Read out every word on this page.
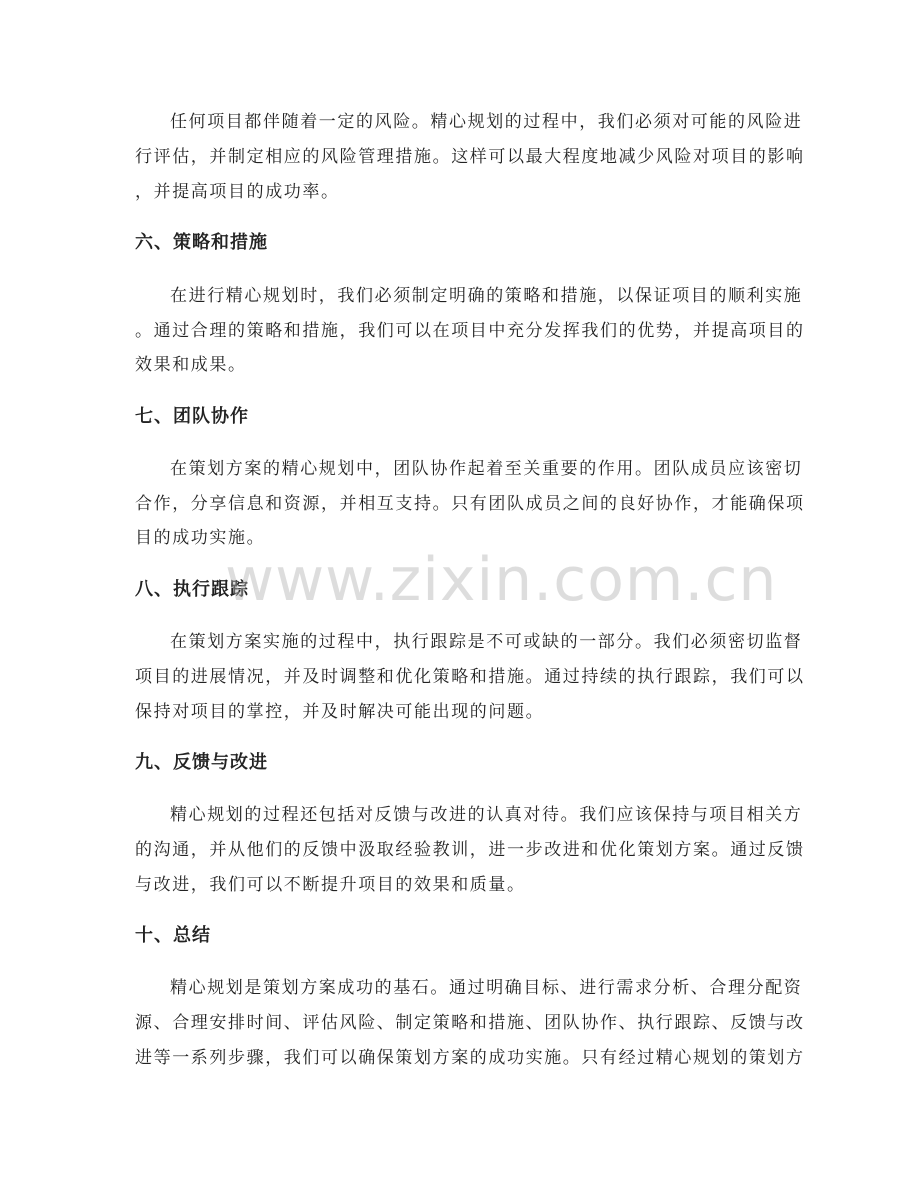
任何项目都伴随着一定的风险。精心规划的过程中，我们必须对可能的风险进
行评估，并制定相应的风险管理措施。这样可以最大程度地减少风险对项目的影响
，并提高项目的成功率。
六、策略和措施
在进行精心规划时，我们必须制定明确的策略和措施，以保证项目的顺利实施
。通过合理的策略和措施，我们可以在项目中充分发挥我们的优势，并提高项目的
效果和成果。
七、团队协作
在策划方案的精心规划中，团队协作起着至关重要的作用。团队成员应该密切
合作，分享信息和资源，并相互支持。只有团队成员之间的良好协作，才能确保项
目的成功实施。
八、执行跟踪
在策划方案实施的过程中，执行跟踪是不可或缺的一部分。我们必须密切监督
项目的进展情况，并及时调整和优化策略和措施。通过持续的执行跟踪，我们可以
保持对项目的掌控，并及时解决可能出现的问题。
九、反馈与改进
精心规划的过程还包括对反馈与改进的认真对待。我们应该保持与项目相关方
的沟通，并从他们的反馈中汲取经验教训，进一步改进和优化策划方案。通过反馈
与改进，我们可以不断提升项目的效果和质量。
十、总结
精心规划是策划方案成功的基石。通过明确目标、进行需求分析、合理分配资
源、合理安排时间、评估风险、制定策略和措施、团队协作、执行跟踪、反馈与改
进等一系列步骤，我们可以确保策划方案的成功实施。只有经过精心规划的策划方
www.zixin.com.cn
